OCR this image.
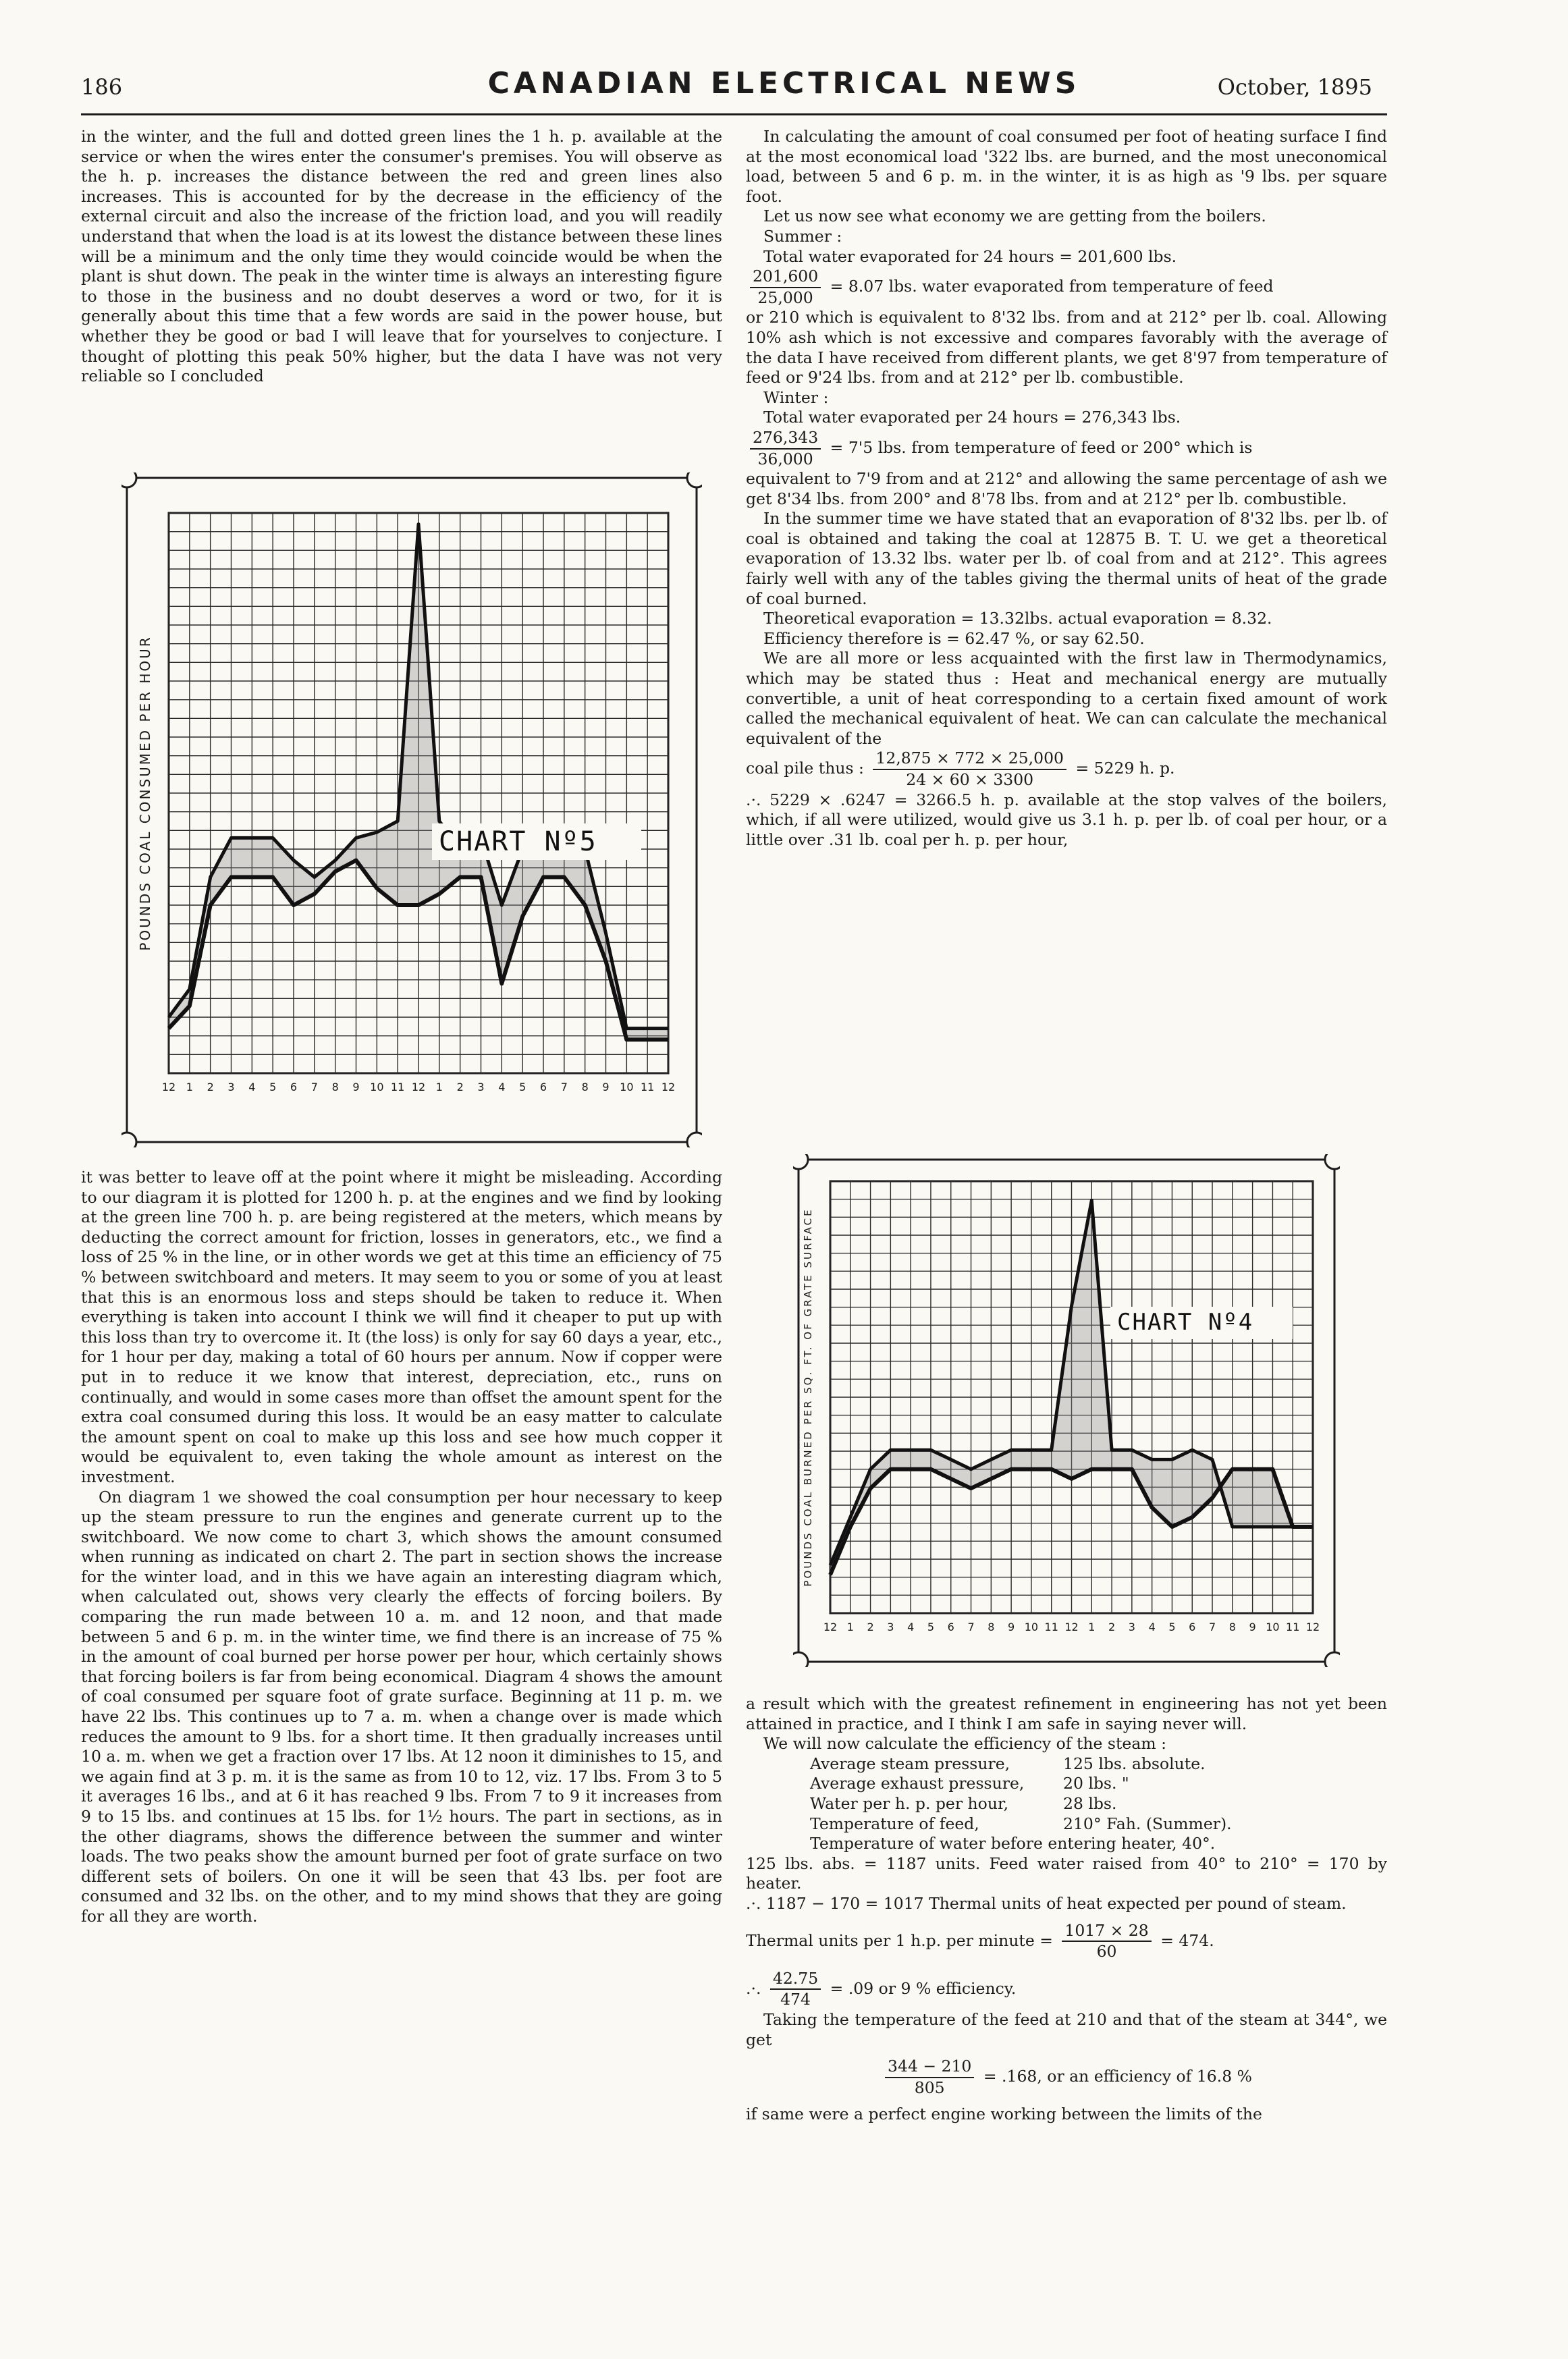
186	CANADIAN ELECTRICAL NEWS	October, 1895

in the winter, and the full and dotted green lines the 1 h. p. available at the service or when the wires enter the consumer's premises. You will observe as the h. p. increases the distance between the red and green lines also increases. This is accounted for by the decrease in the efficiency of the external circuit and also the increase of the friction load, and you will readily understand that when the load is at its lowest the distance between these lines will be a minimum and the only time they would coincide would be when the plant is shut down. The peak in the winter time is always an interesting figure to those in the business and no doubt deserves a word or two, for it is generally about this time that a few words are said in the power house, but whether they be good or bad I will leave that for yourselves to conjecture. I thought of plotting this peak 50% higher, but the data I have was not very reliable so I concluded

12 1 2 3 4 5 6 7 8 9 10 11 12 1 2 3 4 5 6 7 8 9 10 11 12
POUNDS COAL CONSUMED PER HOUR	CHART Nº5

it was better to leave off at the point where it might be misleading. According to our diagram it is plotted for 1200 h. p. at the engines and we find by looking at the green line 700 h. p. are being registered at the meters, which means by deducting the correct amount for friction, losses in generators, etc., we find a loss of 25 % in the line, or in other words we get at this time an efficiency of 75 % between switchboard and meters. It may seem to you or some of you at least that this is an enormous loss and steps should be taken to reduce it. When everything is taken into account I think we will find it cheaper to put up with this loss than try to overcome it. It (the loss) is only for say 60 days a year, etc., for 1 hour per day, making a total of 60 hours per annum. Now if copper were put in to reduce it we know that interest, depreciation, etc., runs on continually, and would in some cases more than offset the amount spent for the extra coal consumed during this loss. It would be an easy matter to calculate the amount spent on coal to make up this loss and see how much copper it would be equivalent to, even taking the whole amount as interest on the investment.

On diagram 1 we showed the coal consumption per hour necessary to keep up the steam pressure to run the engines and generate current up to the switchboard. We now come to chart 3, which shows the amount consumed when running as indicated on chart 2. The part in section shows the increase for the winter load, and in this we have again an interesting diagram which, when calculated out, shows very clearly the effects of forcing boilers. By comparing the run made between 10 a. m. and 12 noon, and that made between 5 and 6 p. m. in the winter time, we find there is an increase of 75 % in the amount of coal burned per horse power per hour, which certainly shows that forcing boilers is far from being economical. Diagram 4 shows the amount of coal consumed per square foot of grate surface. Beginning at 11 p. m. we have 22 lbs. This continues up to 7 a. m. when a change over is made which reduces the amount to 9 lbs. for a short time. It then gradually increases until 10 a. m. when we get a fraction over 17 lbs. At 12 noon it diminishes to 15, and we again find at 3 p. m. it is the same as from 10 to 12, viz. 17 lbs. From 3 to 5 it averages 16 lbs., and at 6 it has reached 9 lbs. From 7 to 9 it increases from 9 to 15 lbs. and continues at 15 lbs. for 1½ hours. The part in sections, as in the other diagrams, shows the difference between the summer and winter loads. The two peaks show the amount burned per foot of grate surface on two different sets of boilers. On one it will be seen that 43 lbs. per foot are consumed and 32 lbs. on the other, and to my mind shows that they are going for all they are worth.

In calculating the amount of coal consumed per foot of heating surface I find at the most economical load '322 lbs. are burned, and the most uneconomical load, between 5 and 6 p. m. in the winter, it is as high as '9 lbs. per square foot.

Let us now see what economy we are getting from the boilers.

Summer :

Total water evaporated for 24 hours = 201,600 lbs.

$\frac{201,600}{25,000} = 8.07$ lbs. water evaporated from temperature of feed

or 210 which is equivalent to 8'32 lbs. from and at 212° per lb. coal. Allowing 10% ash which is not excessive and compares favorably with the average of the data I have received from different plants, we get 8'97 from temperature of feed or 9'24 lbs. from and at 212° per lb. combustible.

Winter :

Total water evaporated per 24 hours = 276,343 lbs.

$\frac{276,343}{36,000} = 7'5$ lbs. from temperature of feed or 200° which is

equivalent to 7'9 from and at 212° and allowing the same percentage of ash we get 8'34 lbs. from 200° and 8'78 lbs. from and at 212° per lb. combustible.

In the summer time we have stated that an evaporation of 8'32 lbs. per lb. of coal is obtained and taking the coal at 12875 B. T. U. we get a theoretical evaporation of 13.32 lbs. water per lb. of coal from and at 212°. This agrees fairly well with any of the tables giving the thermal units of heat of the grade of coal burned.

Theoretical evaporation = 13.32lbs. actual evaporation = 8.32.

Efficiency therefore is = 62.47 %, or say 62.50.

We are all more or less acquainted with the first law in Thermodynamics, which may be stated thus : Heat and mechanical energy are mutually convertible, a unit of heat corresponding to a certain fixed amount of work called the mechanical equivalent of heat. We can can calculate the mechanical equivalent of the

coal pile thus : $\frac{12,875 \times 772 \times 25,000}{24 \times 60 \times 3300} = 5229$ h. p.

.·. 5229 × .6247 = 3266.5 h. p. available at the stop valves of the boilers, which, if all were utilized, would give us 3.1 h. p. per lb. of coal per hour, or a little over .31 lb. coal per h. p. per hour,

12 1 2 3 4 5 6 7 8 9 10 11 12 1 2 3 4 5 6 7 8 9 10 11 12
POUNDS COAL BURNED PER SQ. FT. OF GRATE SURFACE	CHART Nº4

a result which with the greatest refinement in engineering has not yet been attained in practice, and I think I am safe in saying never will.

We will now calculate the efficiency of the steam :

Average steam pressure,	125 lbs. absolute.
Average exhaust pressure,	20 lbs. "
Water per h. p. per hour,	28 lbs.
Temperature of feed,	210° Fah. (Summer).
Temperature of water before entering heater, 40°.

125 lbs. abs. = 1187 units. Feed water raised from 40° to 210° = 170 by heater.

.·. 1187 − 170 = 1017 Thermal units of heat expected per pound of steam.

Thermal units per 1 h.p. per minute = $\frac{1017 \times 28}{60} = 474$.

.·. $\frac{42.75}{474} = .09$ or 9 % efficiency.

Taking the temperature of the feed at 210 and that of the steam at 344°, we get

$\frac{344 - 210}{805} = .168$, or an efficiency of 16.8 %

if same were a perfect engine working between the limits of the
